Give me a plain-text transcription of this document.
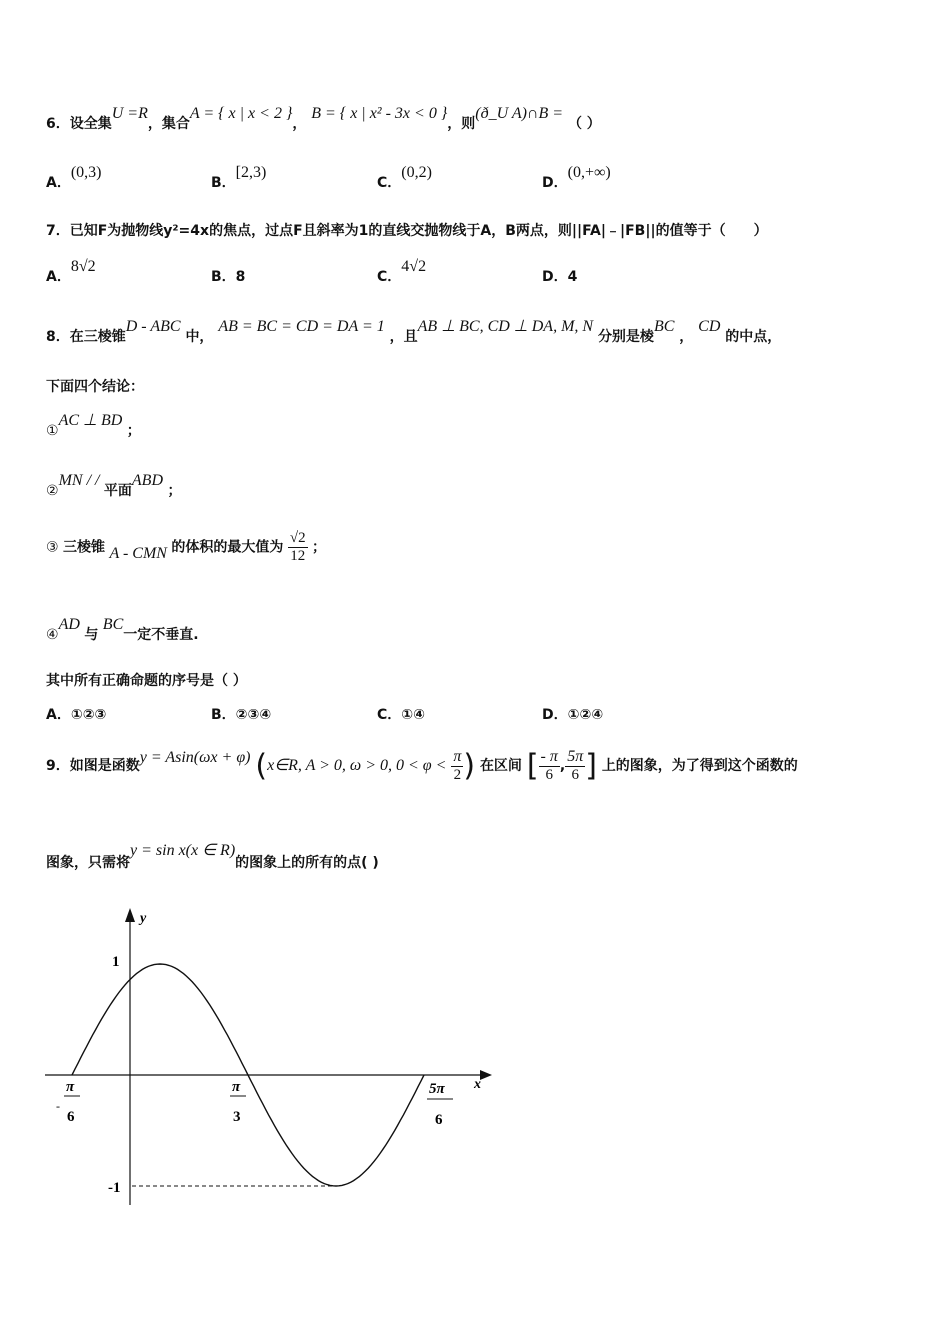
6．设全集U =R，集合A = { x | x < 2 }， B = { x | x² - 3x < 0 }，则(ð_U A)∩B = （ ）
A．(0,3)
B．[2,3)
C．(0,2)
D．(0,+∞)
7．已知F为抛物线y²=4x的焦点，过点F且斜率为1的直线交抛物线于A，B两点，则||FA|﹣|FB||的值等于（　　）
A．8√2
B．8	C．4√2
D．4
8．在三棱锥D - ABC 中， AB = BC = CD = DA = 1 ，且AB ⊥ BC, CD ⊥ DA, M, N 分别是棱BC ， CD 的中点，
下面四个结论：
①AC ⊥ BD ；
②MN / / 平面ABD ；
③ 三棱锥 A - CMN 的体积的最大值为 $\frac{√2}{12}$ ；
④AD 与 BC一定不垂直.
其中所有正确命题的序号是（ ）
A．①②③	B．②③④	C．①④	D．①②④
9．如图是函数y = Asin(ωx + φ) (x∈R, A > 0, ω > 0, $0 < \varphi < \frac{\pi}{2}$ ) 在区间 [ $\frac{- \pi}{6}$ , $\frac{5\pi}{6}$ ] 上的图象，为了得到这个函数的
图象，只需将y = sin x(x ∈ R)的图象上的所有的点( )
y
x
1
-1
-
π
6
π
3
5π
6
